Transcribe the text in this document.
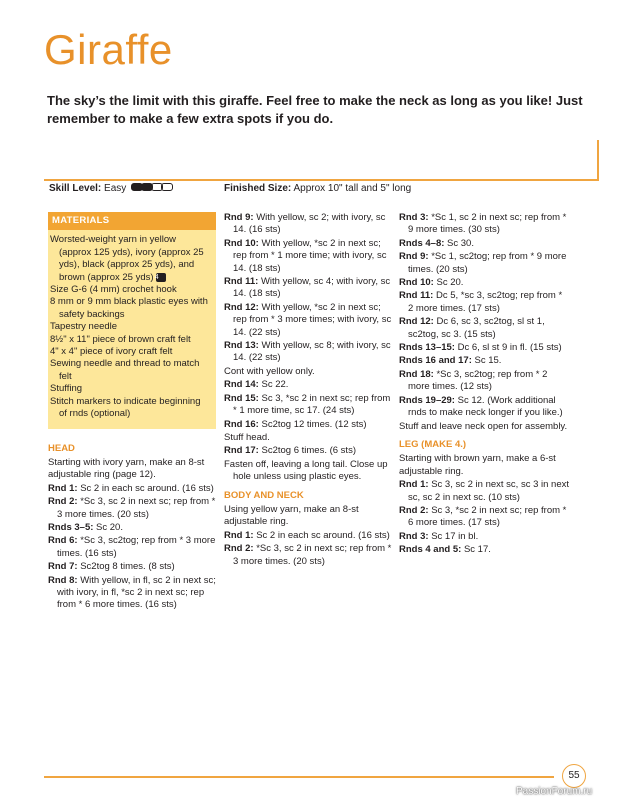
Giraffe
The sky’s the limit with this giraffe. Feel free to make the neck as long as you like! Just remember to make a few extra spots if you do.
Skill Level: Easy	Finished Size: Approx 10" tall and 5" long
MATERIALS
Worsted-weight yarn in yellow (approx 125 yds), ivory (approx 25 yds), black (approx 25 yds), and brown (approx 25 yds) 4
Size G-6 (4 mm) crochet hook
8 mm or 9 mm black plastic eyes with safety backings
Tapestry needle
8½" x 11" piece of brown craft felt
4" x 4" piece of ivory craft felt
Sewing needle and thread to match felt
Stuffing
Stitch markers to indicate beginning of rnds (optional)
HEAD
Starting with ivory yarn, make an 8-st adjustable ring (page 12).
Rnd 1: Sc 2 in each sc around. (16 sts)
Rnd 2: *Sc 3, sc 2 in next sc; rep from * 3 more times. (20 sts)
Rnds 3–5: Sc 20.
Rnd 6: *Sc 3, sc2tog; rep from * 3 more times. (16 sts)
Rnd 7: Sc2tog 8 times. (8 sts)
Rnd 8: With yellow, in fl, sc 2 in next sc; with ivory, in fl, *sc 2 in next sc; rep from * 6 more times. (16 sts)
Rnd 9: With yellow, sc 2; with ivory, sc 14. (16 sts)
Rnd 10: With yellow, *sc 2 in next sc; rep from * 1 more time; with ivory, sc 14. (18 sts)
Rnd 11: With yellow, sc 4; with ivory, sc 14. (18 sts)
Rnd 12: With yellow, *sc 2 in next sc; rep from * 3 more times; with ivory, sc 14. (22 sts)
Rnd 13: With yellow, sc 8; with ivory, sc 14. (22 sts)
Cont with yellow only.
Rnd 14: Sc 22.
Rnd 15: Sc 3, *sc 2 in next sc; rep from * 1 more time, sc 17. (24 sts)
Rnd 16: Sc2tog 12 times. (12 sts)
Stuff head.
Rnd 17: Sc2tog 6 times. (6 sts)
Fasten off, leaving a long tail. Close up hole unless using plastic eyes.
BODY AND NECK
Using yellow yarn, make an 8-st adjustable ring.
Rnd 1: Sc 2 in each sc around. (16 sts)
Rnd 2: *Sc 3, sc 2 in next sc; rep from * 3 more times. (20 sts)
Rnd 3: *Sc 1, sc 2 in next sc; rep from * 9 more times. (30 sts)
Rnds 4–8: Sc 30.
Rnd 9: *Sc 1, sc2tog; rep from * 9 more times. (20 sts)
Rnd 10: Sc 20.
Rnd 11: Dc 5, *sc 3, sc2tog; rep from * 2 more times. (17 sts)
Rnd 12: Dc 6, sc 3, sc2tog, sl st 1, sc2tog, sc 3. (15 sts)
Rnds 13–15: Dc 6, sl st 9 in fl. (15 sts)
Rnds 16 and 17: Sc 15.
Rnd 18: *Sc 3, sc2tog; rep from * 2 more times. (12 sts)
Rnds 19–29: Sc 12. (Work additional rnds to make neck longer if you like.)
Stuff and leave neck open for assembly.
LEG (MAKE 4.)
Starting with brown yarn, make a 6-st adjustable ring.
Rnd 1: Sc 3, sc 2 in next sc, sc 3 in next sc, sc 2 in next sc. (10 sts)
Rnd 2: Sc 3, *sc 2 in next sc; rep from * 6 more times. (17 sts)
Rnd 3: Sc 17 in bl.
Rnds 4 and 5: Sc 17.
55
PassionForum.ru
